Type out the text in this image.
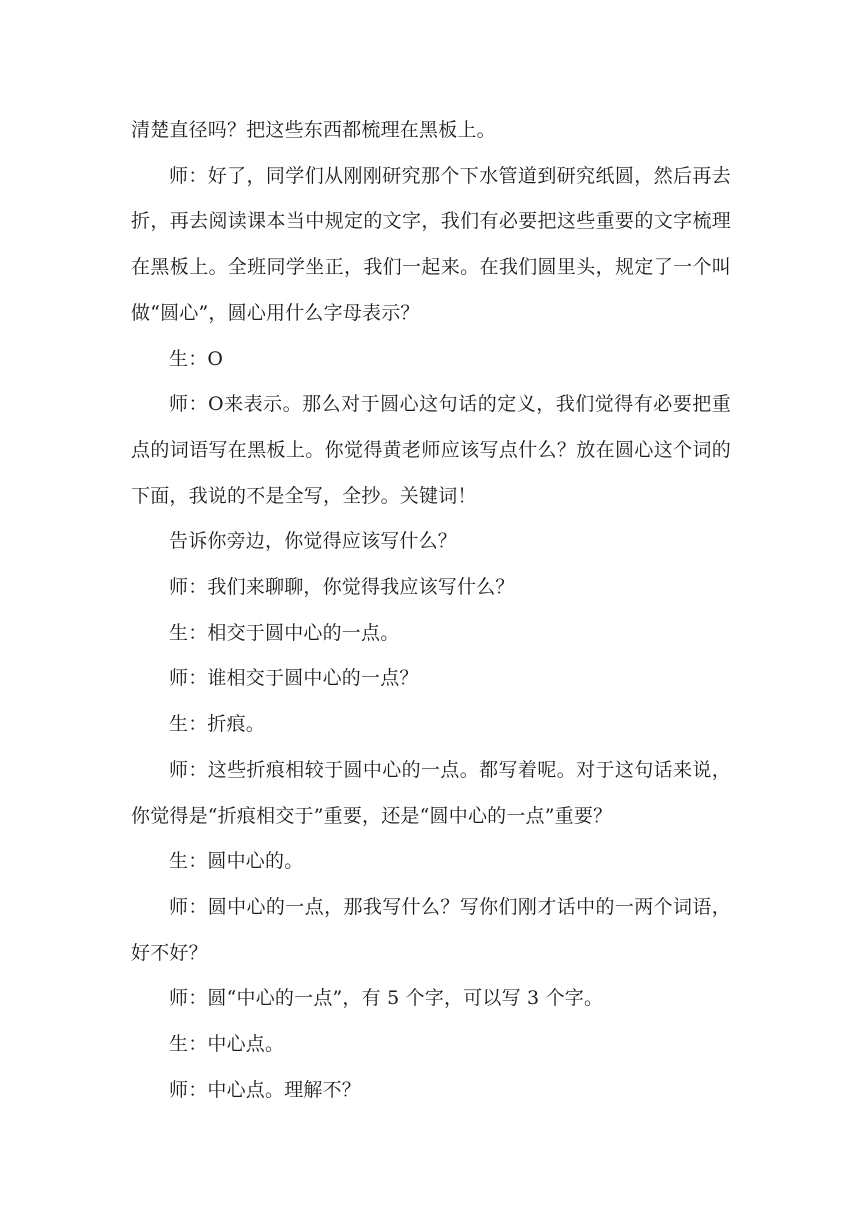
清楚直径吗？把这些东西都梳理在黑板上。

师：好了，同学们从刚刚研究那个下水管道到研究纸圆，然后再去折，再去阅读课本当中规定的文字，我们有必要把这些重要的文字梳理在黑板上。全班同学坐正，我们一起来。在我们圆里头，规定了一个叫做“圆心”，圆心用什么字母表示？

生：O

师：O来表示。那么对于圆心这句话的定义，我们觉得有必要把重点的词语写在黑板上。你觉得黄老师应该写点什么？放在圆心这个词的下面，我说的不是全写，全抄。关键词！

告诉你旁边，你觉得应该写什么？

师：我们来聊聊，你觉得我应该写什么？

生：相交于圆中心的一点。

师：谁相交于圆中心的一点？

生：折痕。

师：这些折痕相较于圆中心的一点。都写着呢。对于这句话来说，你觉得是“折痕相交于”重要，还是“圆中心的一点”重要？

生：圆中心的。

师：圆中心的一点，那我写什么？写你们刚才话中的一两个词语，好不好？

师：圆“中心的一点”，有 5 个字，可以写 3 个字。

生：中心点。

师：中心点。理解不？
